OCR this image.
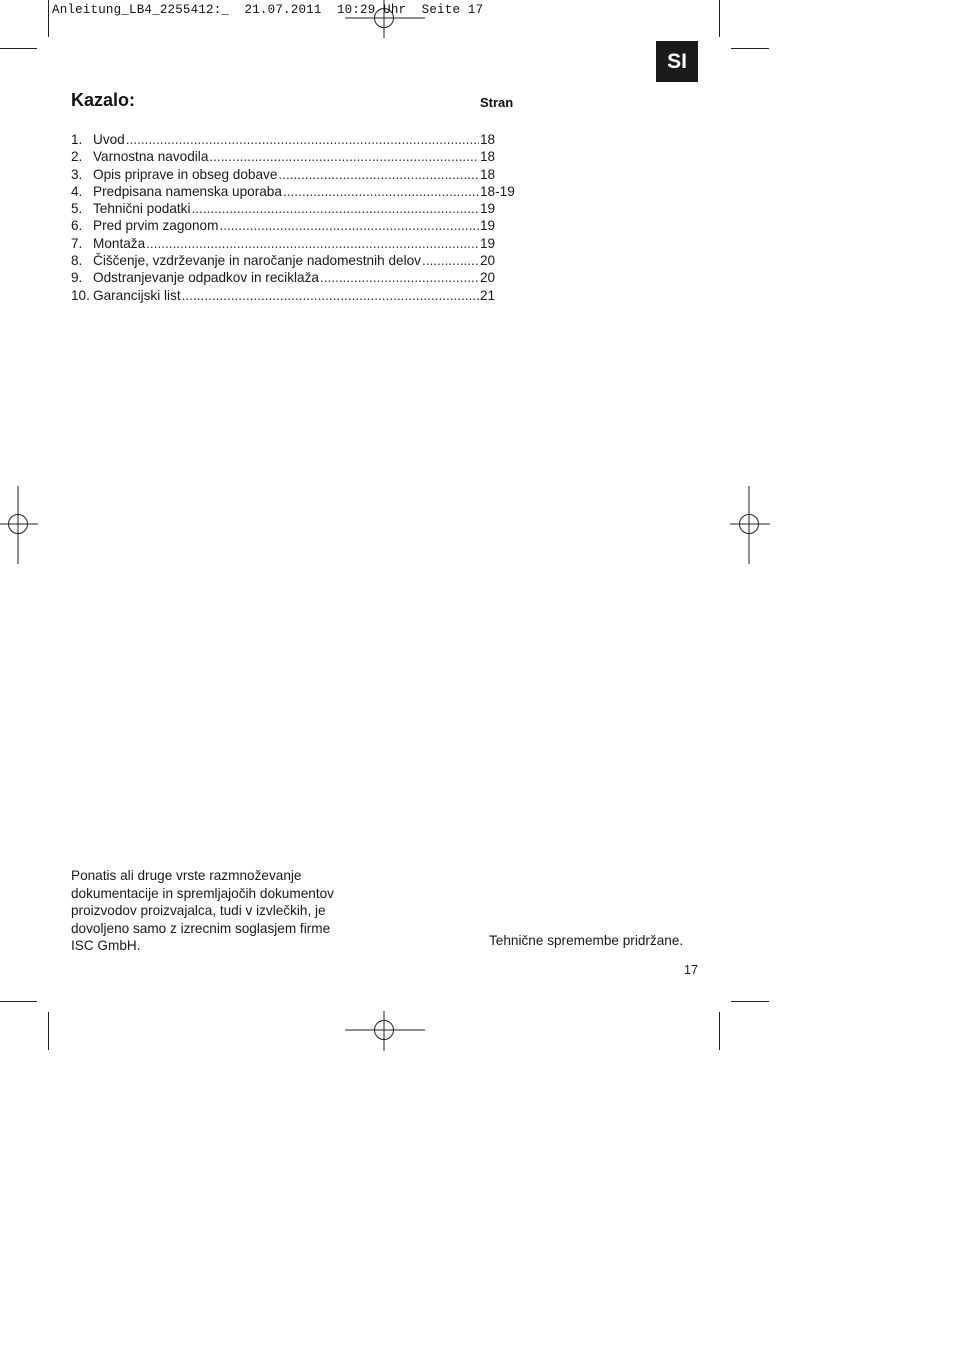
Anleitung_LB4_2255412:_  21.07.2011  10:29 Uhr  Seite 17
SI
Kazalo:	Stran
1. Uvod .....	18
2. Varnostna navodila .....	18
3. Opis priprave in obseg dobave .....	18
4. Predpisana namenska uporaba .....	18-19
5. Tehnični podatki .....	19
6. Pred prvim zagonom .....	19
7. Montaža .....	19
8. Čiščenje, vzdrževanje in naročanje nadomestnih delov .....	20
9. Odstranjevanje odpadkov in reciklaža .....	20
10. Garancijski list .....	21
Ponatis ali druge vrste razmnoževanje
dokumentacije in spremljajočih dokumentov
proizvodov proizvajalca, tudi v izvlečkih, je
dovoljeno samo z izrecnim soglasjem firme
ISC GmbH.	Tehnične spremembe pridržane.
17
